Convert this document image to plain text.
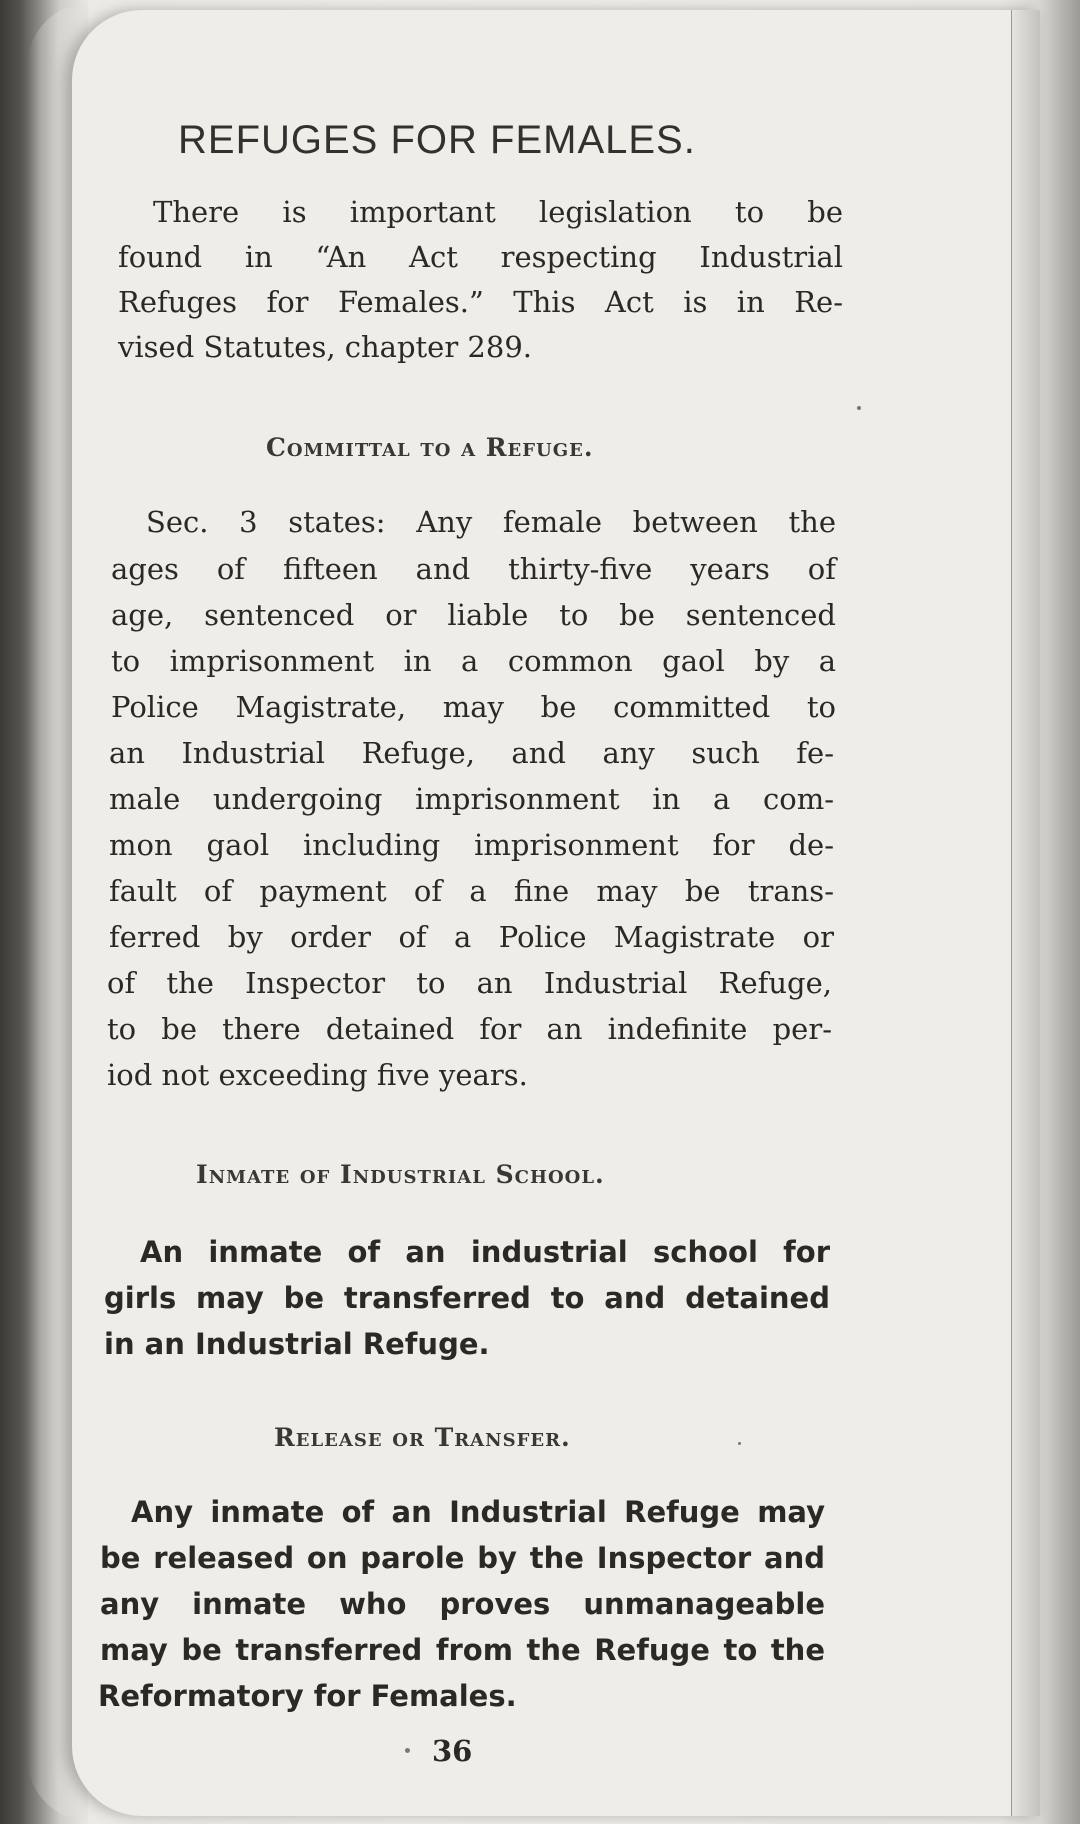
REFUGES FOR FEMALES.
There is important legislation to be
found in “An Act respecting Industrial
Refuges for Females.” This Act is in Re-
vised Statutes, chapter 289.
Committal to a Refuge.
Sec. 3 states: Any female between the
ages of fifteen and thirty-five years of
age, sentenced or liable to be sentenced
to imprisonment in a common gaol by a
Police Magistrate, may be committed to
an Industrial Refuge, and any such fe-
male undergoing imprisonment in a com-
mon gaol including imprisonment for de-
fault of payment of a fine may be trans-
ferred by order of a Police Magistrate or
of the Inspector to an Industrial Refuge,
to be there detained for an indefinite per-
iod not exceeding five years.
Inmate of Industrial School.
An inmate of an industrial school for
girls may be transferred to and detained
in an Industrial Refuge.
Release or Transfer.
Any inmate of an Industrial Refuge may
be released on parole by the Inspector and
any inmate who proves unmanageable
may be transferred from the Refuge to the
Reformatory for Females.
36
